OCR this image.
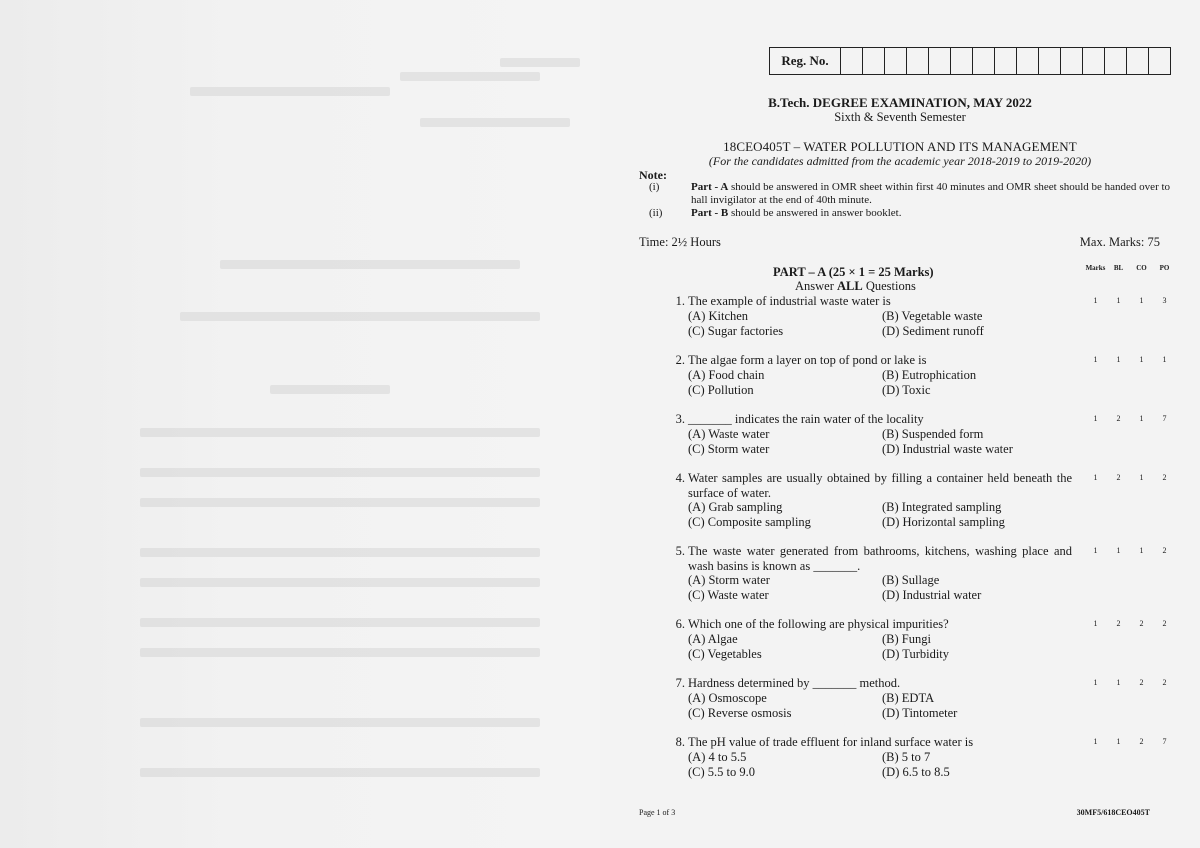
Reg. No.
B.Tech. DEGREE EXAMINATION, MAY 2022
Sixth & Seventh Semester
18CEO405T – WATER POLLUTION AND ITS MANAGEMENT
(For the candidates admitted from the academic year 2018-2019 to 2019-2020)
Note:
(i)	Part - A should be answered in OMR sheet within first 40 minutes and OMR sheet should be handed over to hall invigilator at the end of 40th minute.
(ii)	Part - B should be answered in answer booklet.
Time: 2½ Hours	Max. Marks: 75
PART – A (25 × 1 = 25 Marks)
Answer ALL Questions
Marks	BL	CO	PO
1. The example of industrial waste water is
(A) Kitchen	(B) Vegetable waste
(C) Sugar factories	(D) Sediment runoff
1	1	1	3
2. The algae form a layer on top of pond or lake is
(A) Food chain	(B) Eutrophication
(C) Pollution	(D) Toxic
1	1	1	1
3. _______ indicates the rain water of the locality
(A) Waste water	(B) Suspended form
(C) Storm water	(D) Industrial waste water
1	2	1	7
4. Water samples are usually obtained by filling a container held beneath the surface of water.
(A) Grab sampling	(B) Integrated sampling
(C) Composite sampling	(D) Horizontal sampling
1	2	1	2
5. The waste water generated from bathrooms, kitchens, washing place and wash basins is known as _______.
(A) Storm water	(B) Sullage
(C) Waste water	(D) Industrial water
1	1	1	2
6. Which one of the following are physical impurities?
(A) Algae	(B) Fungi
(C) Vegetables	(D) Turbidity
1	2	2	2
7. Hardness determined by _______ method.
(A) Osmoscope	(B) EDTA
(C) Reverse osmosis	(D) Tintometer
1	1	2	2
8. The pH value of trade effluent for inland surface water is
(A) 4 to 5.5	(B) 5 to 7
(C) 5.5 to 9.0	(D) 6.5 to 8.5
1	1	2	7
Page 1 of 3	30MF5/618CEO405T
